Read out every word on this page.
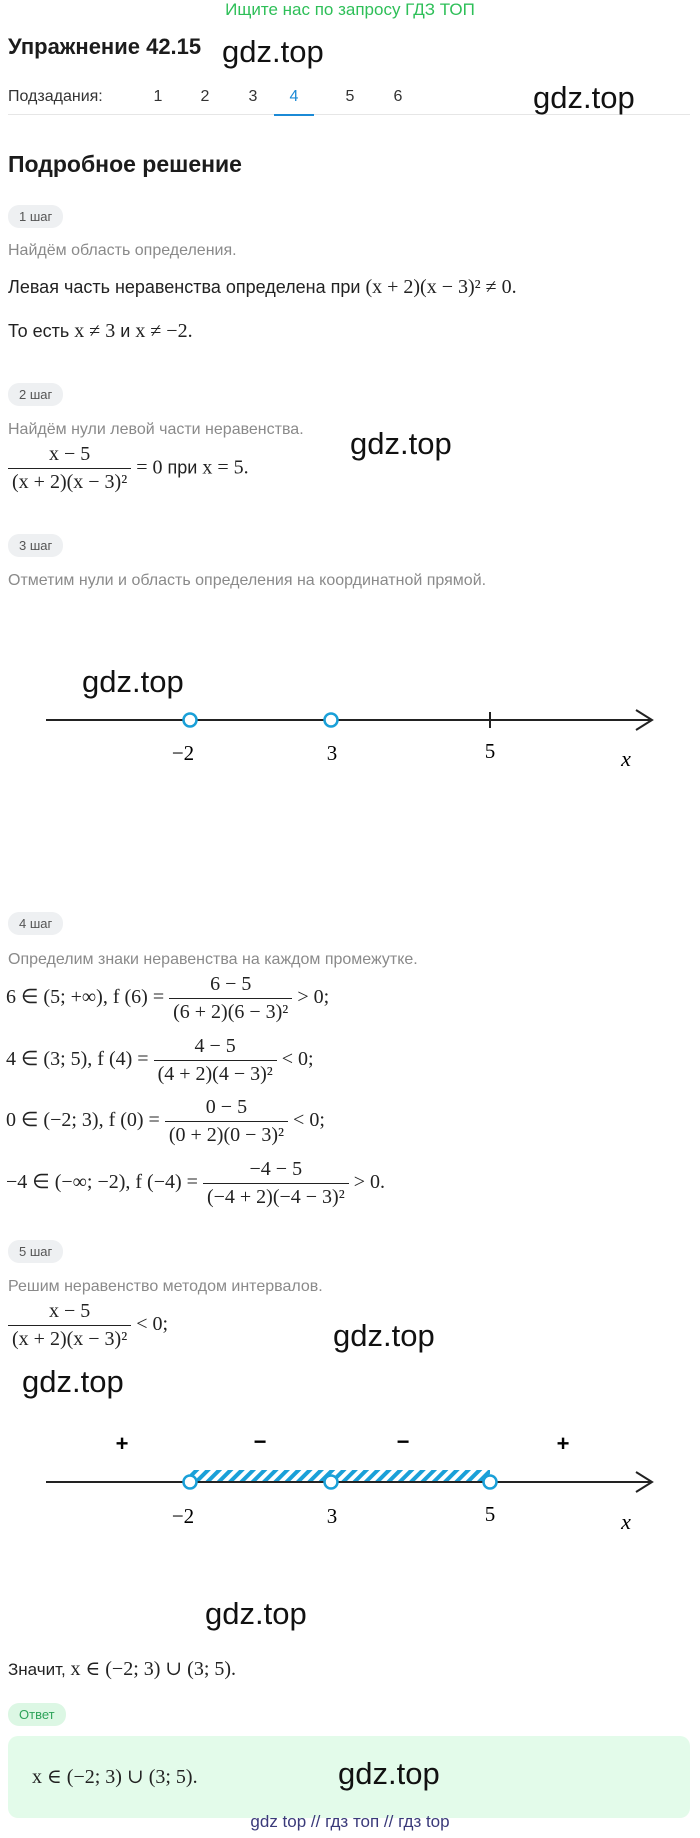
Ищите нас по запросу ГДЗ ТОП
Упражнение 42.15 gdz.top
Подзадания:	1	2	3	4	5	6	gdz.top
Подробное решение
1 шаг
Найдём область определения.
Левая часть неравенства определена при (x + 2)(x − 3)² ≠ 0.
То есть x ≠ 3 и x ≠ −2.
2 шаг
Найдём нули левой части неравенства.
$\frac{x - 5}{\text{(x + 2)(x − 3)²}} = 0$ при x = 5.
gdz.top
3 шаг
Отметим нули и область определения на координатной прямой.
gdz.top
−2	3	5	x
4 шаг
Определим знаки неравенства на каждом промежутке.
6 ∈ (5; +∞), f $(6) = \frac{6 - 5}{\text{(6 + 2)(6 − 3)²}} > 0$;
4 ∈ (3; 5), f $(4) = \frac{4 - 5}{\text{(4 + 2)(4 − 3)²}} < 0$;
0 ∈ (−2; 3), f $(0) = \frac{0 - 5}{\text{(0 + 2)(0 − 3)²}} < 0$;
−4 ∈ (−∞; −2), f $(-4) = \frac{-4 - 5}{\text{(−4 + 2)(−4 − 3)²}} > 0$.
5 шаг
Решим неравенство методом интервалов.
$\frac{x - 5}{\text{(x + 2)(x − 3)²}} < 0$;	gdz.top
gdz.top
+	−	−	+
−2	3	5	x
gdz.top
Значит, x ∈ (−2; 3) ∪ (3; 5).
Ответ
x ∈ (−2; 3) ∪ (3; 5).	gdz.top
gdz top // гдз топ // гдз top
